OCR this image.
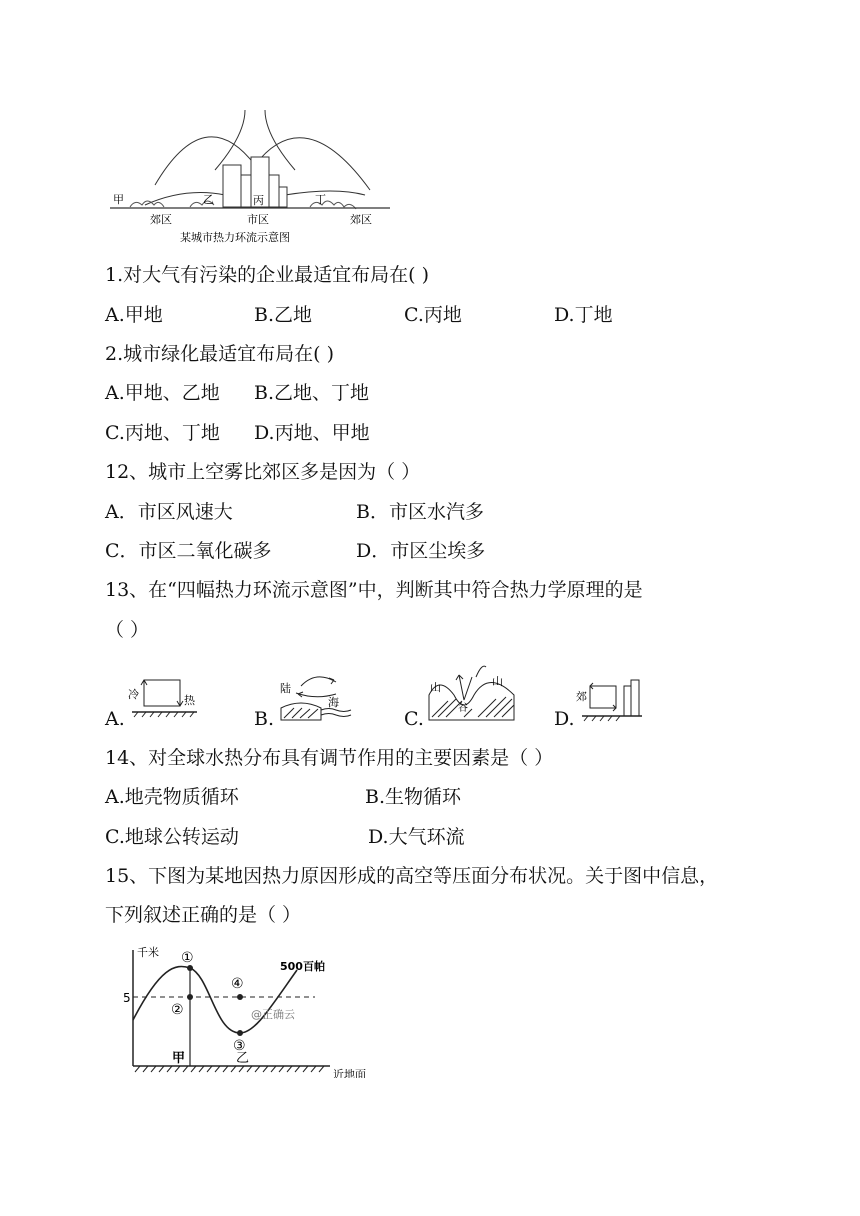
甲	乙	丙	丁
郊区	市区	郊区
某城市热力环流示意图
1.对大气有污染的企业最适宜布局在( )
A.甲地	B.乙地	C.丙地	D.丁地
2.城市绿化最适宜布局在( )
A.甲地、乙地 B.乙地、丁地
C.丙地、丁地 D.丙地、甲地
12、城市上空雾比郊区多是因为（ ）
A．市区风速大	B．市区水汽多
C．市区二氧化碳多	D．市区尘埃多
13、在“四幅热力环流示意图”中，判断其中符合热力学原理的是
（ ）
A.
冷	热
B.
陆
海
C.
山
谷
山
D.
郊
14、对全球水热分布具有调节作用的主要因素是（ ）
A.地壳物质循环	B.生物循环
C.地球公转运动	D.大气环流
15、下图为某地因热力原因形成的高空等压面分布状况。关于图中信息，
下列叙述正确的是（ ）
千米
5
近地面
500百帕
①
②
③
④
@正确云
甲	乙
